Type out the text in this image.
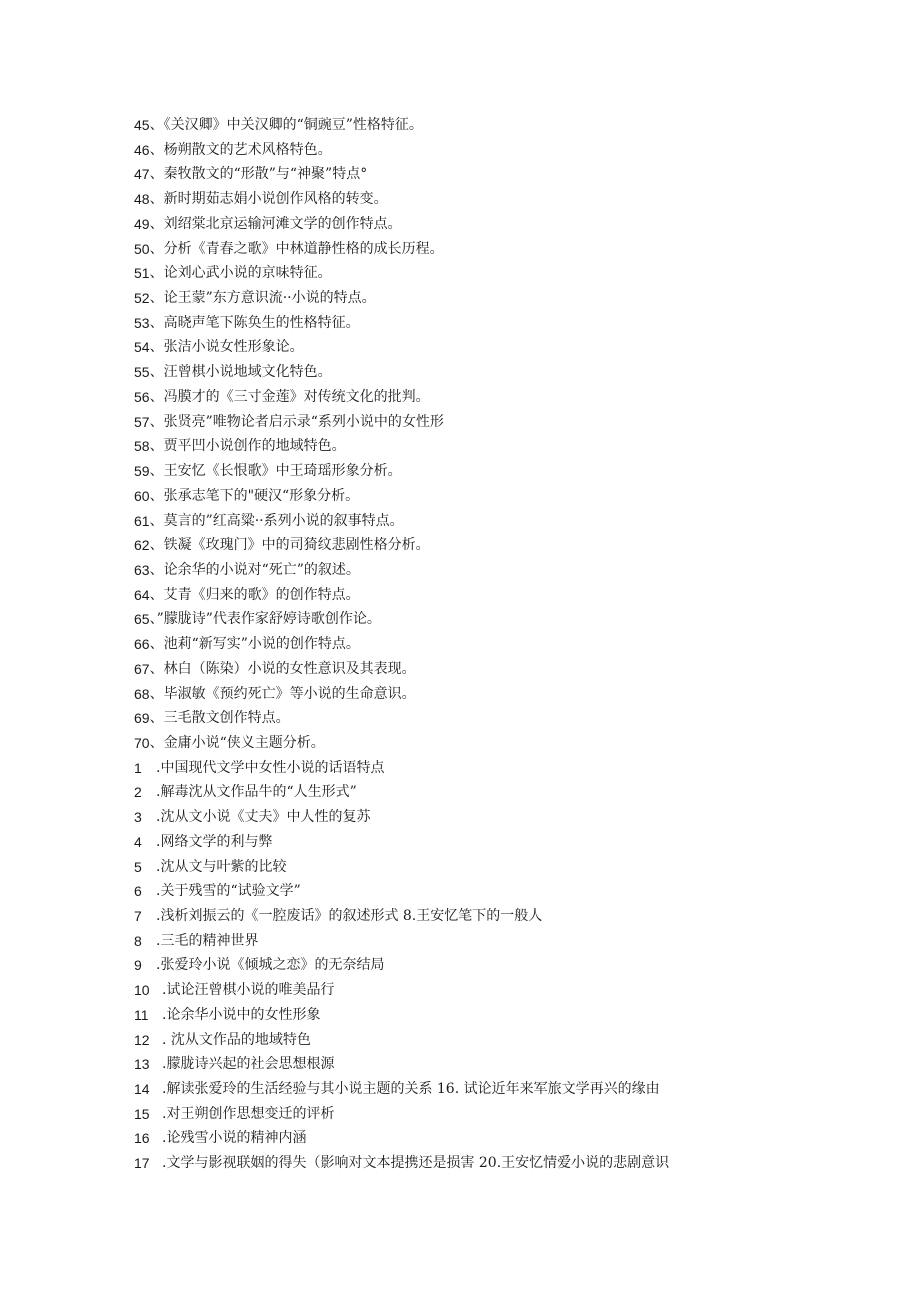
45 、《关汉卿》中关汉卿的“铜豌豆”性格特征。
46 、杨朔散文的艺术风格特色。
47 、秦牧散文的“形散”与“神聚”特点°
48 、新时期茹志娟小说创作风格的转变。
49 、刘绍棠北京运输河滩文学的创作特点。
50 、分析《青春之歌》中林道静性格的成长历程。
51 、论刘心武小说的京味特征。
52 、论王蒙”东方意识流··小说的特点。
53 、高晓声笔下陈奂生的性格特征。
54 、张洁小说女性形象论。
55 、汪曾棋小说地域文化特色。
56 、冯膜才的《三寸金莲》对传统文化的批判。
57 、张贤亮”唯物论者启示录“系列小说中的女性形
58 、贾平凹小说创作的地域特色。
59 、王安忆《长恨歌》中王琦瑶形象分析。
60 、张承志笔下的"硬汉“形象分析。
61 、莫言的”红高粱··系列小说的叙事特点。
62 、铁凝《玫瑰门》中的司猗纹悲剧性格分析。
63 、论余华的小说对“死亡”的叙述。
64 、艾青《归来的歌》的创作特点。
65 、”朦胧诗”代表作家舒婷诗歌创作论。
66 、池莉“新写实”小说的创作特点。
67 、林白（陈染）小说的女性意识及其表现。
68 、毕淑敏《预约死亡》等小说的生命意识。
69 、三毛散文创作特点。
70 、金庸小说“侠义主题分析。
1	.中国现代文学中女性小说的话语特点
2	.解毒沈从文作品牛的“人生形式”
3	.沈从文小说《丈夫》中人性的复苏
4	.网络文学的利与弊
5	.沈从文与叶紫的比较
6	.关于残雪的“试验文学”
7	.浅析刘振云的《一腔废话》的叙述形式 8.王安忆笔下的一般人
8	.三毛的精神世界
9	.张爱玲小说《倾城之恋》的无奈结局
10 .试论汪曾棋小说的唯美品行
11 .论余华小说中的女性形象
12 . 沈从文作品的地域特色
13 .朦胧诗兴起的社会思想根源
14 .解读张爱玲的生活经验与其小说主题的关系 16. 试论近年来军旅文学再兴的缘由
15 .对王朔创作思想变迁的评析
16 .论残雪小说的精神内涵
17 .文学与影视联姻的得失（影响对文本提携还是损害 20.王安忆情爱小说的悲剧意识
